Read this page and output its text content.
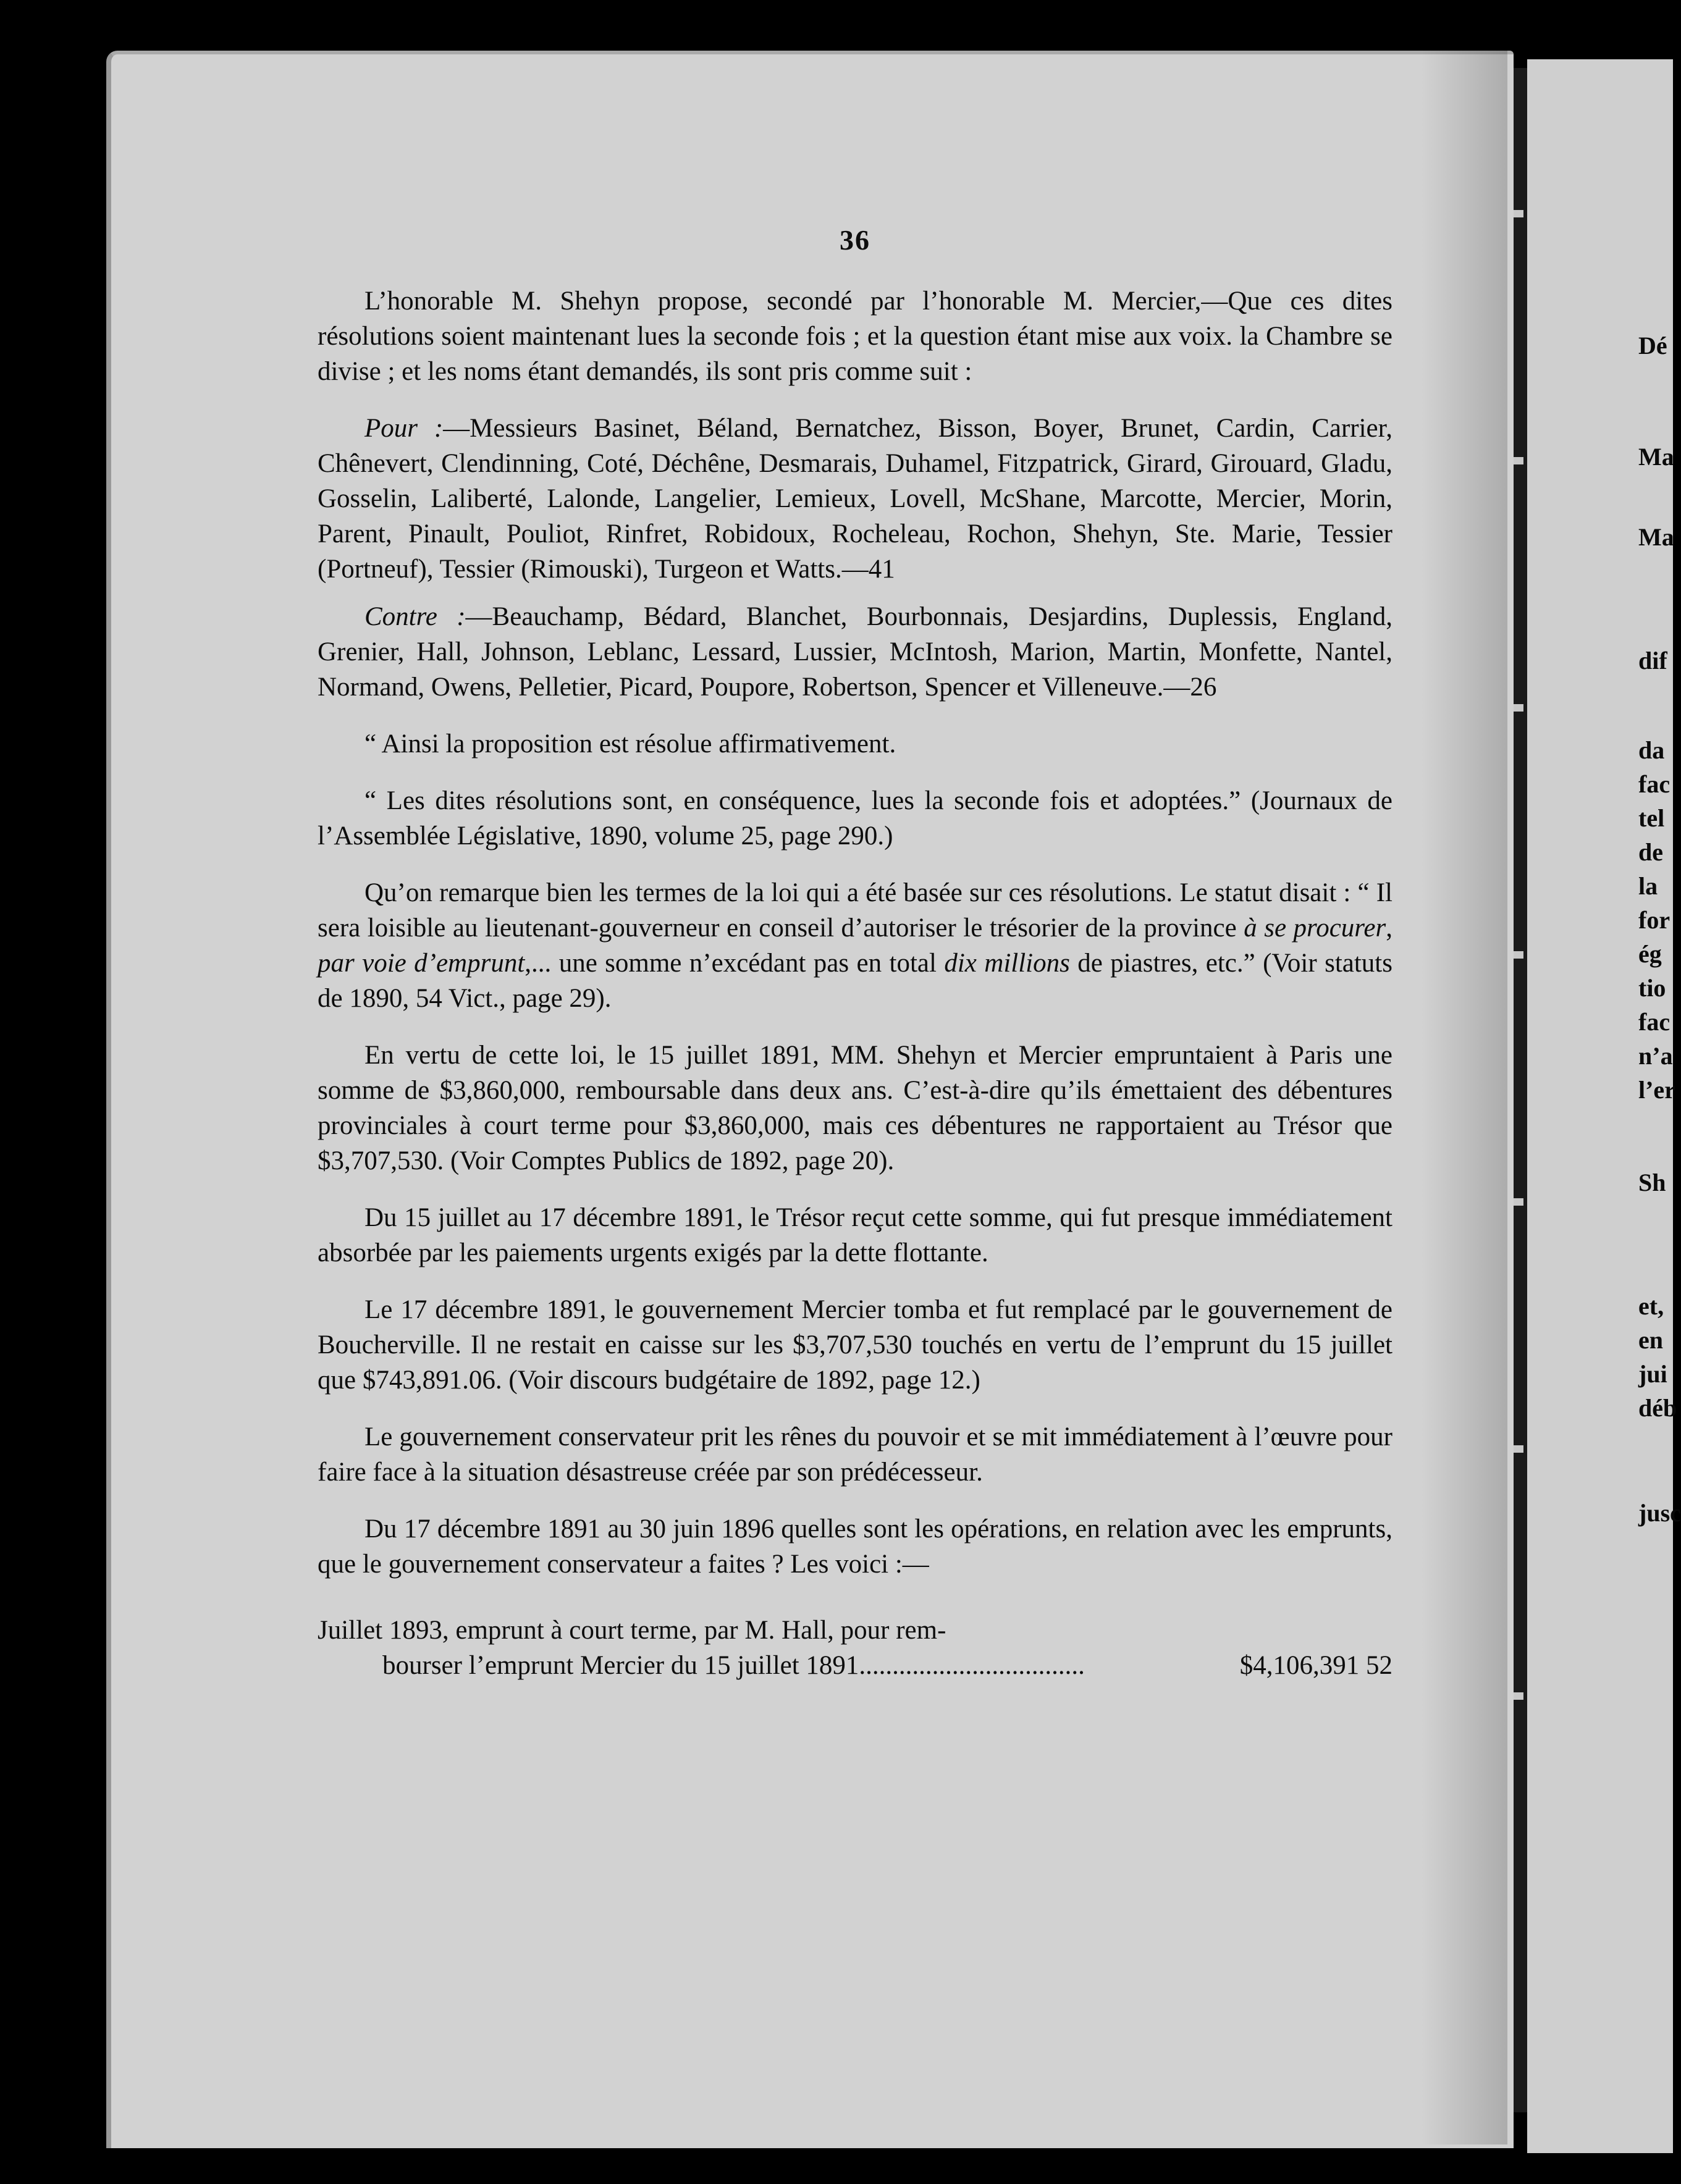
Dé
Ma
Ma
dif
da
fac
tel
de
la
for
ég
tio
fac
n’a
l’er
Sh
et,
en
jui
déb
jusc
36

L’honorable M. Shehyn propose, secondé par l’honorable M. Mercier,—Que ces dites résolutions soient maintenant lues la seconde fois ; et la question étant mise aux voix. la Chambre se divise ; et les noms étant demandés, ils sont pris comme suit :

Pour :—Messieurs Basinet, Béland, Bernatchez, Bisson, Boyer, Brunet, Cardin, Carrier, Chênevert, Clendinning, Coté, Déchêne, Desmarais, Duhamel, Fitzpatrick, Girard, Girouard, Gladu, Gosselin, Laliberté, Lalonde, Langelier, Lemieux, Lovell, McShane, Marcotte, Mercier, Morin, Parent, Pinault, Pouliot, Rinfret, Robidoux, Rocheleau, Rochon, Shehyn, Ste. Marie, Tessier (Portneuf), Tessier (Rimouski), Turgeon et Watts.—41

Contre :—Beauchamp, Bédard, Blanchet, Bourbonnais, Desjardins, Duplessis, England, Grenier, Hall, Johnson, Leblanc, Lessard, Lussier, McIntosh, Marion, Martin, Monfette, Nantel, Normand, Owens, Pelletier, Picard, Poupore, Robertson, Spencer et Villeneuve.—26

“ Ainsi la proposition est résolue affirmativement.

“ Les dites résolutions sont, en conséquence, lues la seconde fois et adoptées.” (Journaux de l’Assemblée Législative, 1890, volume 25, page 290.)

Qu’on remarque bien les termes de la loi qui a été basée sur ces résolutions. Le statut disait : “ Il sera loisible au lieutenant-gouverneur en conseil d’autoriser le trésorier de la province à se procurer, par voie d’emprunt,... une somme n’excédant pas en total dix millions de piastres, etc.” (Voir statuts de 1890, 54 Vict., page 29).

En vertu de cette loi, le 15 juillet 1891, MM. Shehyn et Mercier empruntaient à Paris une somme de $3,860,000, remboursable dans deux ans. C’est-à-dire qu’ils émettaient des débentures provinciales à court terme pour $3,860,000, mais ces débentures ne rapportaient au Trésor que $3,707,530. (Voir Comptes Publics de 1892, page 20).

Du 15 juillet au 17 décembre 1891, le Trésor reçut cette somme, qui fut presque immédiatement absorbée par les paiements urgents exigés par la dette flottante.

Le 17 décembre 1891, le gouvernement Mercier tomba et fut remplacé par le gouvernement de Boucherville. Il ne restait en caisse sur les $3,707,530 touchés en vertu de l’emprunt du 15 juillet que $743,891.06. (Voir discours budgétaire de 1892, page 12.)

Le gouvernement conservateur prit les rênes du pouvoir et se mit immédiatement à l’œuvre pour faire face à la situation désastreuse créée par son prédécesseur.

Du 17 décembre 1891 au 30 juin 1896 quelles sont les opérations, en relation avec les emprunts, que le gouvernement conservateur a faites ? Les voici :—

Juillet 1893, emprunt à court terme, par M. Hall, pour rem-
bourser l’emprunt Mercier du 15 juillet 1891 ..................................	$4,106,391 52
